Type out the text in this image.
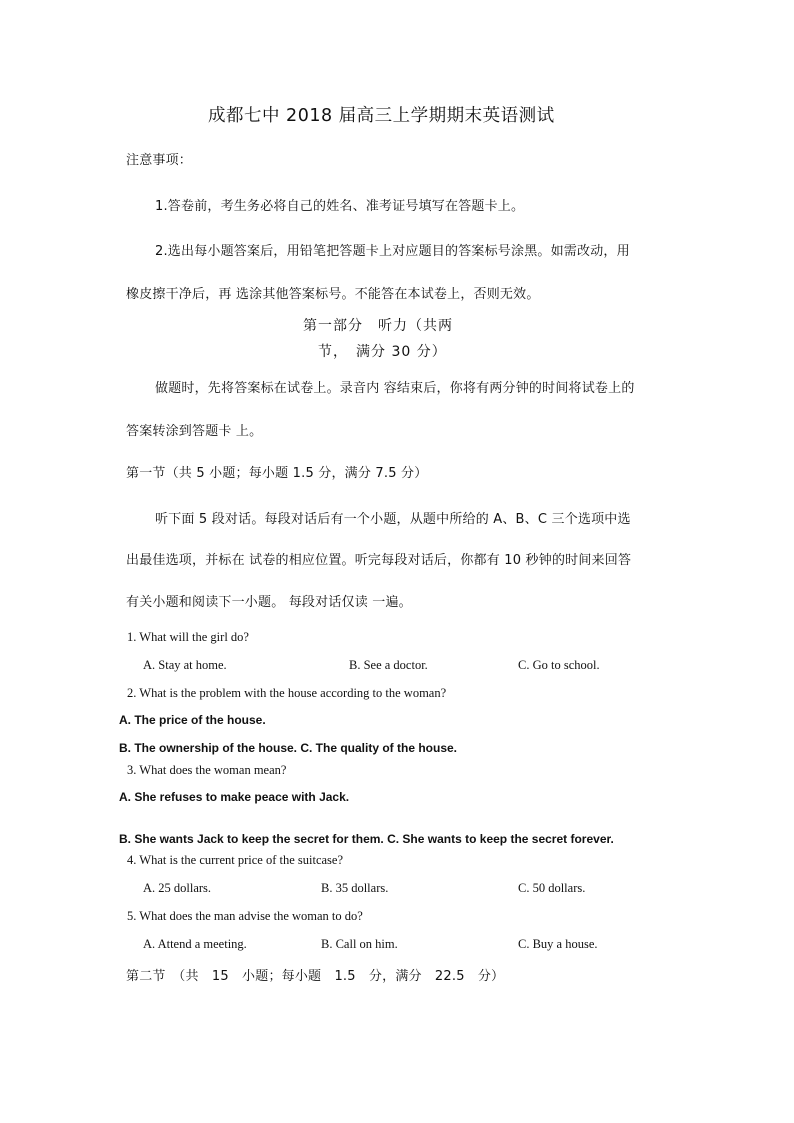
成都七中 2018 届高三上学期期末英语测试
注意事项：
1.答卷前，考生务必将自己的姓名、准考证号填写在答题卡上。
2.选出每小题答案后，用铅笔把答题卡上对应题目的答案标号涂黑。如需改动，用
橡皮擦干净后，再 选涂其他答案标号。不能答在本试卷上，否则无效。
第一部分　听力（共两
节，　满分 30 分）
做题时，先将答案标在试卷上。录音内 容结束后，你将有两分钟的时间将试卷上的
答案转涂到答题卡 上。
第一节（共 5 小题；每小题 1.5 分，满分 7.5 分）
听下面 5 段对话。每段对话后有一个小题，从题中所给的 A、B、C 三个选项中选
出最佳选项，并标在 试卷的相应位置。听完每段对话后，你都有 10 秒钟的时间来回答
有关小题和阅读下一小题。 每段对话仅读 一遍。
1. What will the girl do?
A. Stay at home.	B. See a doctor.	C. Go to school.
2. What is the problem with the house according to the woman?
A. The price of the house.
B. The ownership of the house. C. The quality of the house.
3. What does the woman mean?
A. She refuses to make peace with Jack.
B. She wants Jack to keep the secret for them. C. She wants to keep the secret forever.
4. What is the current price of the suitcase?
A. 25 dollars.	B. 35 dollars.	C. 50 dollars.
5. What does the man advise the woman to do?
A. Attend a meeting.	B. Call on him.	C. Buy a house.
第二节　（共　15　小题；每小题　1.5　分，满分　22.5　分）
